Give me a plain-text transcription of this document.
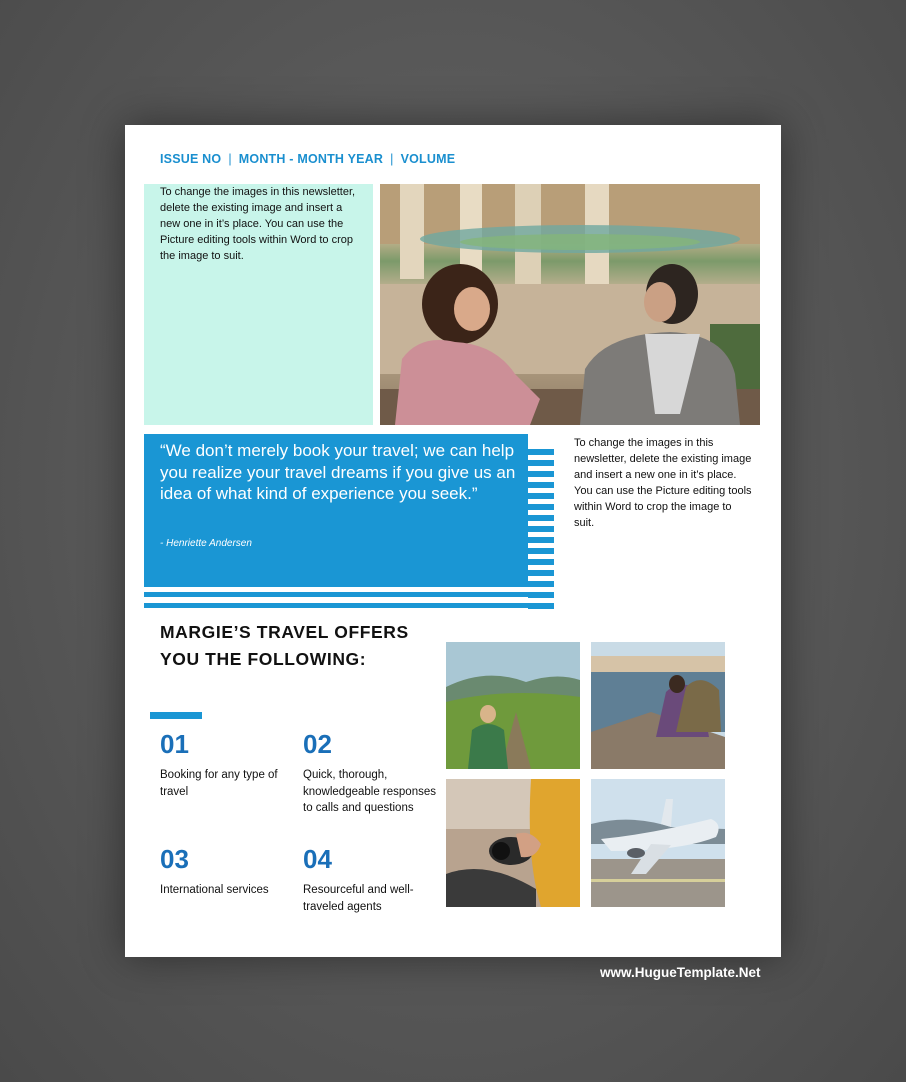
ISSUE NO | MONTH - MONTH YEAR | VOLUME
To change the images in this newsletter, delete the existing image and insert a new one in it’s place. You can use the Picture editing tools within Word to crop the image to suit.
“We don’t merely book your travel; we can help you realize your travel dreams if you give us an idea of what kind of experience you seek.”
- Henriette Andersen
To change the images in this newsletter, delete the existing image and insert a new one in it’s place. You can use the Picture editing tools within Word to crop the image to suit.
MARGIE’S TRAVEL OFFERS YOU THE FOLLOWING:
01
Booking for any type of travel
02
Quick, thorough, knowledgeable responses to calls and questions
03
International services
04
Resourceful and well-traveled agents
www.HugueTemplate.Net
